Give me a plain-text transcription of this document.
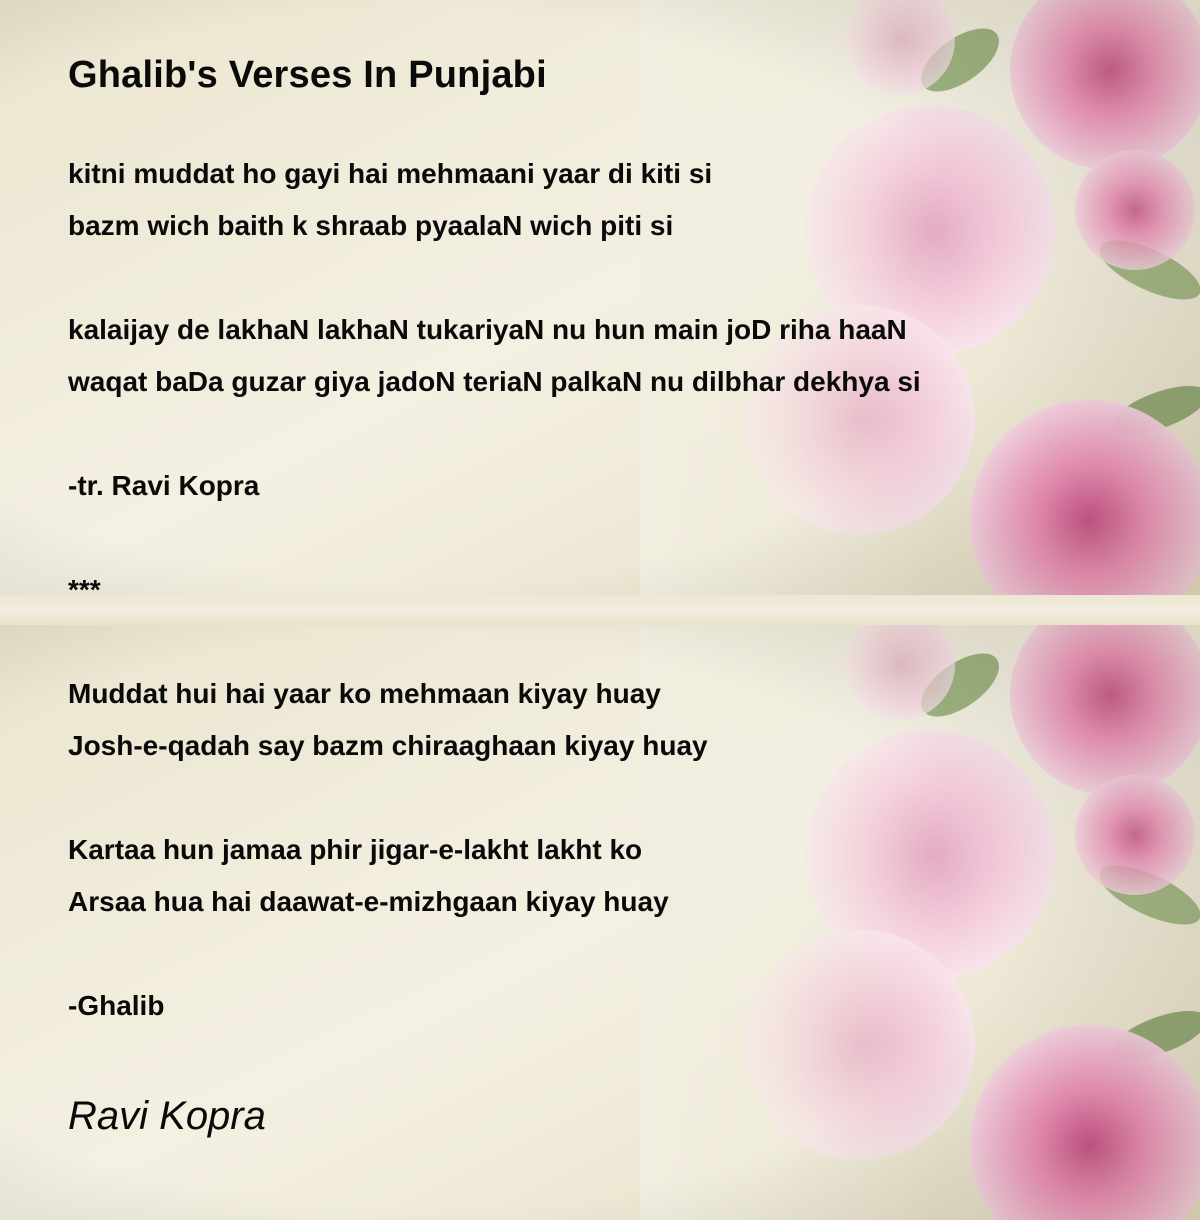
Ghalib's Verses In Punjabi
kitni muddat ho gayi hai mehmaani yaar di kiti si
bazm wich baith k shraab pyaalaN wich piti si
kalaijay de lakhaN lakhaN tukariyaN nu hun main joD riha haaN
waqat baDa guzar giya jadoN teriaN palkaN nu dilbhar dekhya si
-tr. Ravi Kopra
***
Muddat hui hai yaar ko mehmaan kiyay huay
Josh-e-qadah say bazm chiraaghaan kiyay huay
Kartaa hun jamaa phir jigar-e-lakht lakht ko
Arsaa hua hai daawat-e-mizhgaan kiyay huay
-Ghalib
Ravi Kopra
